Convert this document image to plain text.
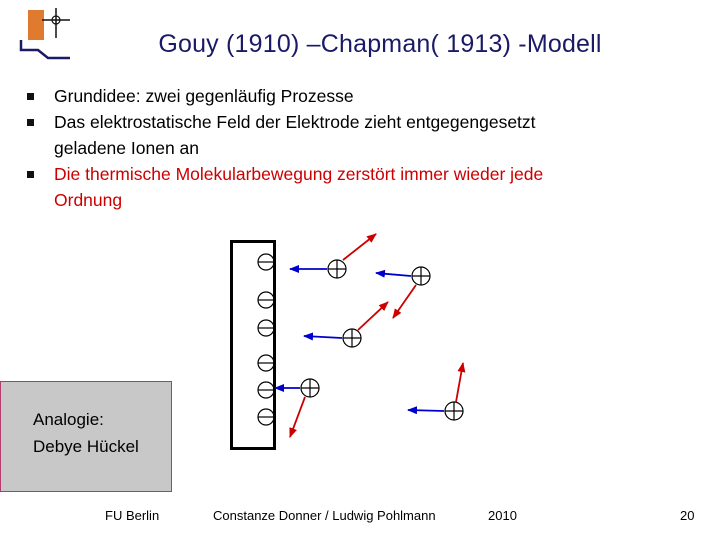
Gouy (1910) –Chapman( 1913) -Modell
Grundidee: zwei gegenläufig Prozesse
Das elektrostatische Feld der Elektrode zieht entgegengesetzt geladene Ionen an
Die thermische Molekularbewegung zerstört immer wieder jede Ordnung
Analogie:
Debye Hückel
FU Berlin	Constanze Donner / Ludwig Pohlmann	2010	20
